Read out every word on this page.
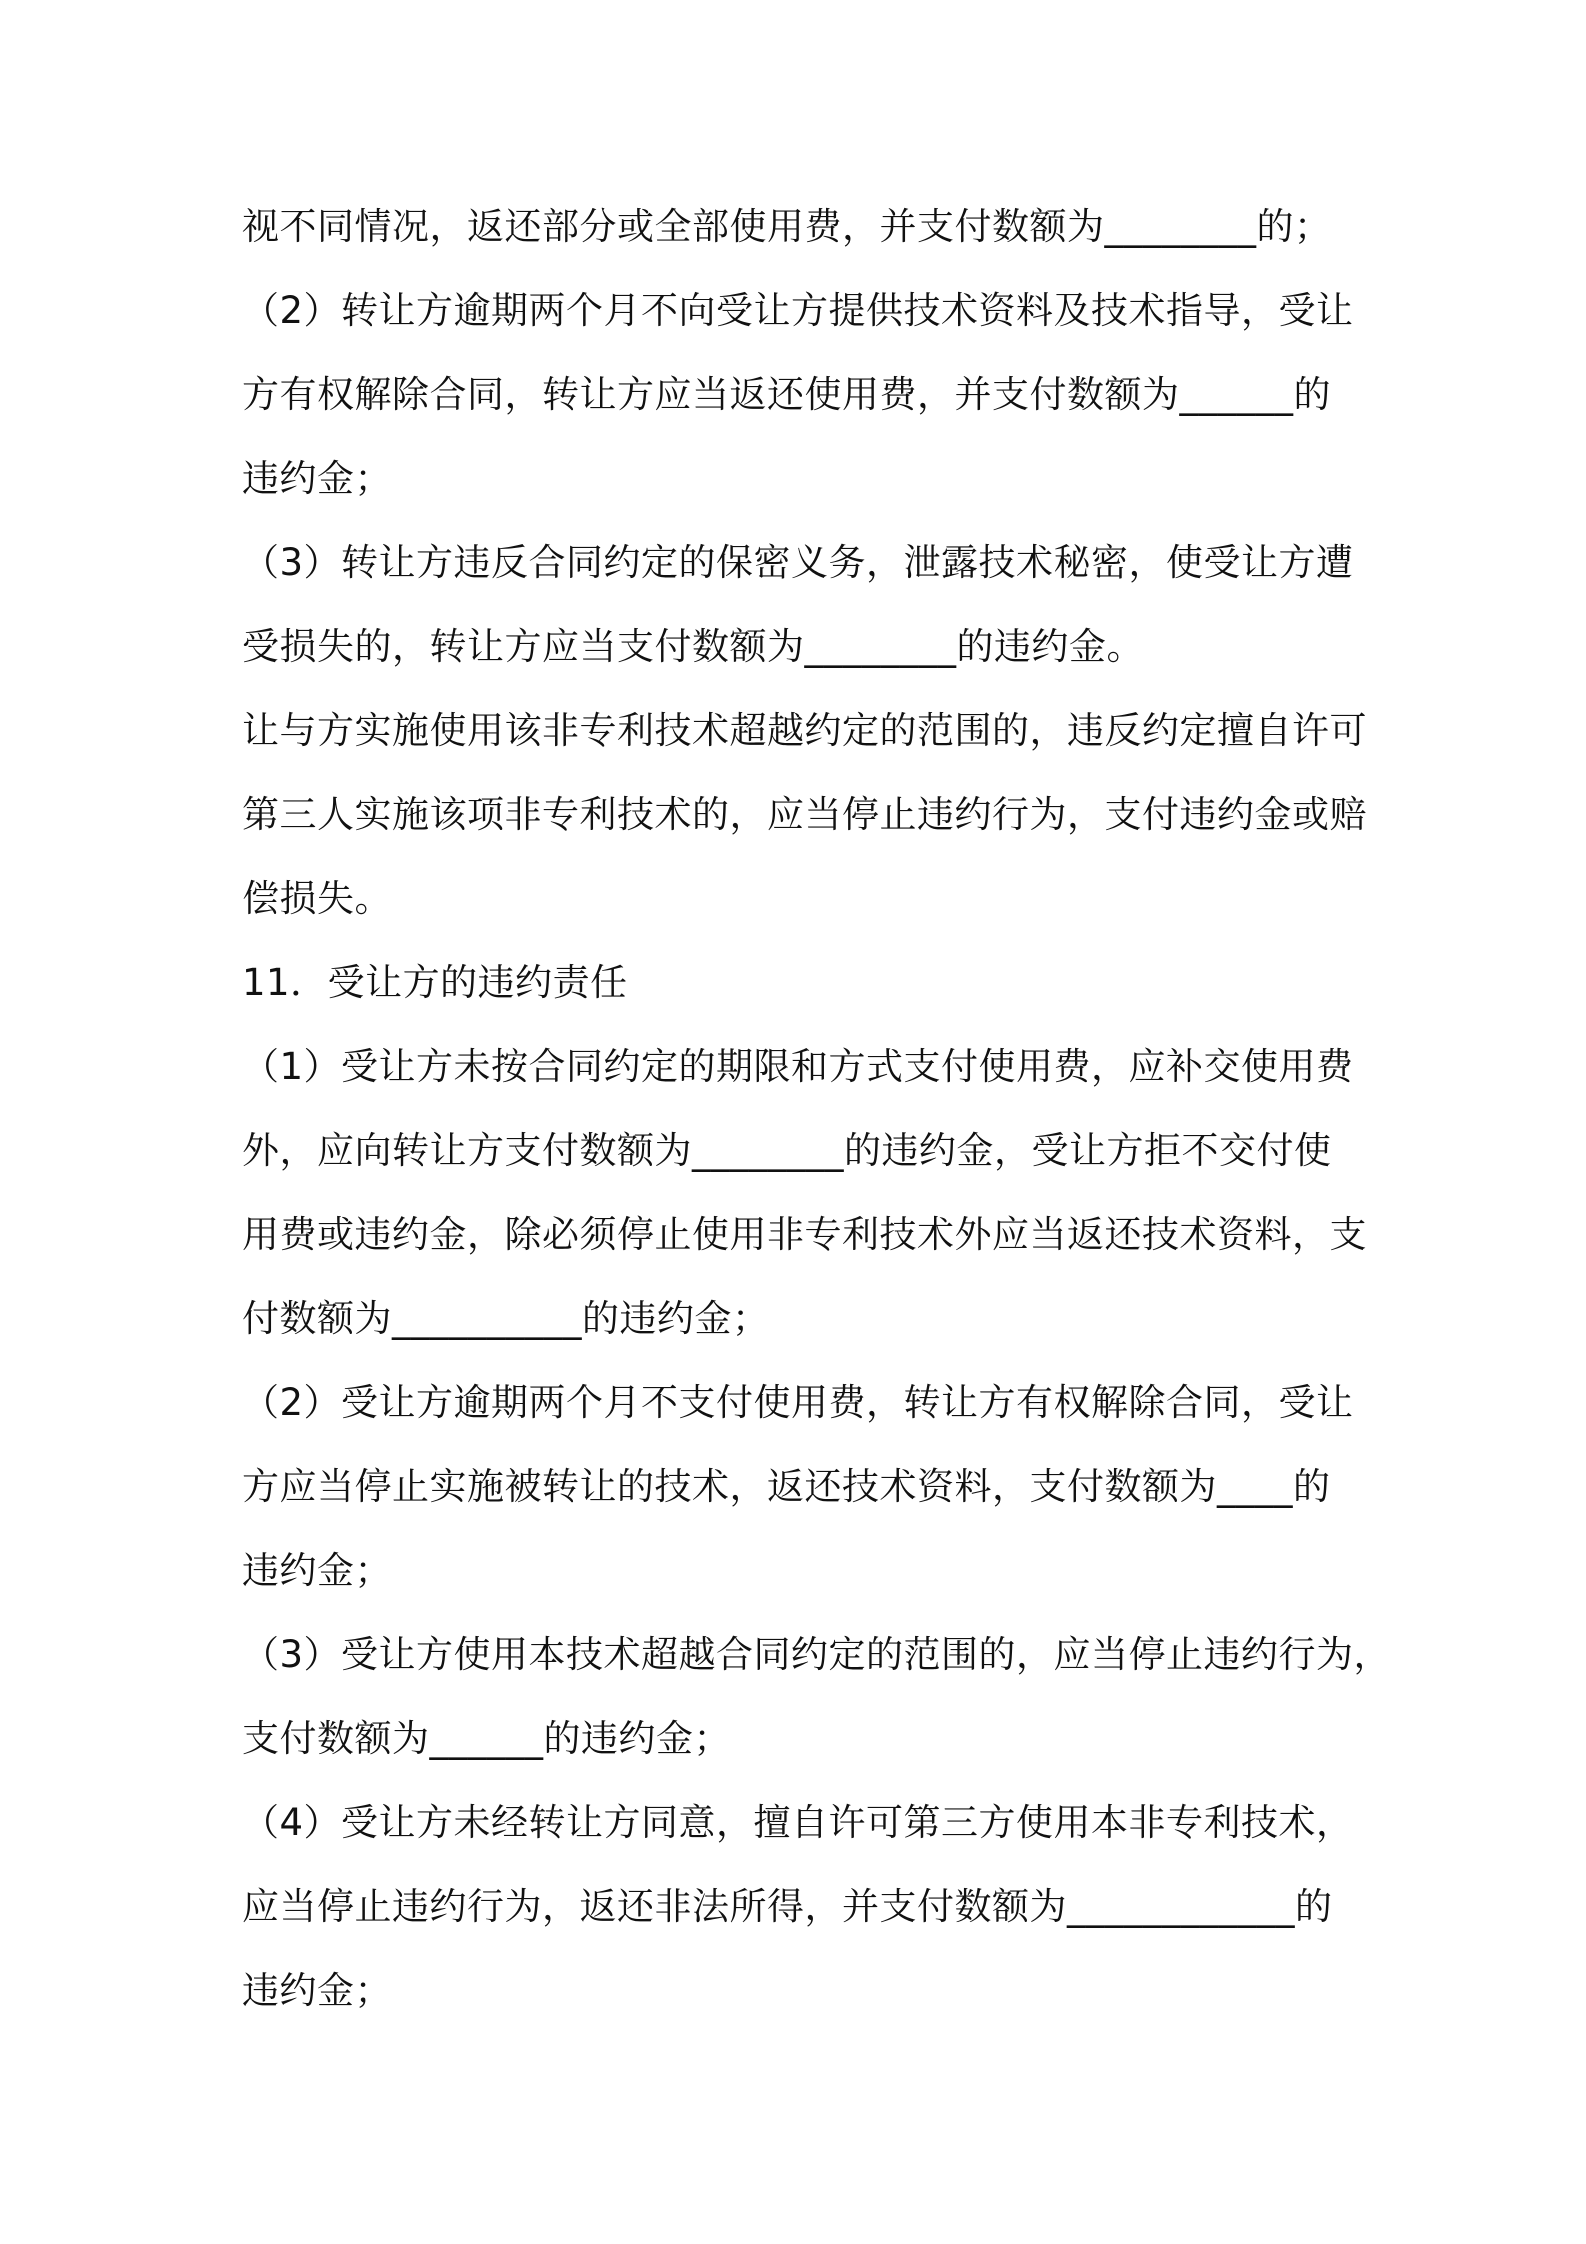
视不同情况，返还部分或全部使用费，并支付数额为________的；
（2）转让方逾期两个月不向受让方提供技术资料及技术指导，受让
方有权解除合同，转让方应当返还使用费，并支付数额为______的
违约金；
（3）转让方违反合同约定的保密义务，泄露技术秘密，使受让方遭
受损失的，转让方应当支付数额为________的违约金。
让与方实施使用该非专利技术超越约定的范围的，违反约定擅自许可
第三人实施该项非专利技术的，应当停止违约行为，支付违约金或赔
偿损失。
11．受让方的违约责任
（1）受让方未按合同约定的期限和方式支付使用费，应补交使用费
外，应向转让方支付数额为________的违约金，受让方拒不交付使
用费或违约金，除必须停止使用非专利技术外应当返还技术资料，支
付数额为__________的违约金；
（2）受让方逾期两个月不支付使用费，转让方有权解除合同，受让
方应当停止实施被转让的技术，返还技术资料，支付数额为____的
违约金；
（3）受让方使用本技术超越合同约定的范围的，应当停止违约行为，
支付数额为______的违约金；
（4）受让方未经转让方同意，擅自许可第三方使用本非专利技术，
应当停止违约行为，返还非法所得，并支付数额为____________的
违约金；
